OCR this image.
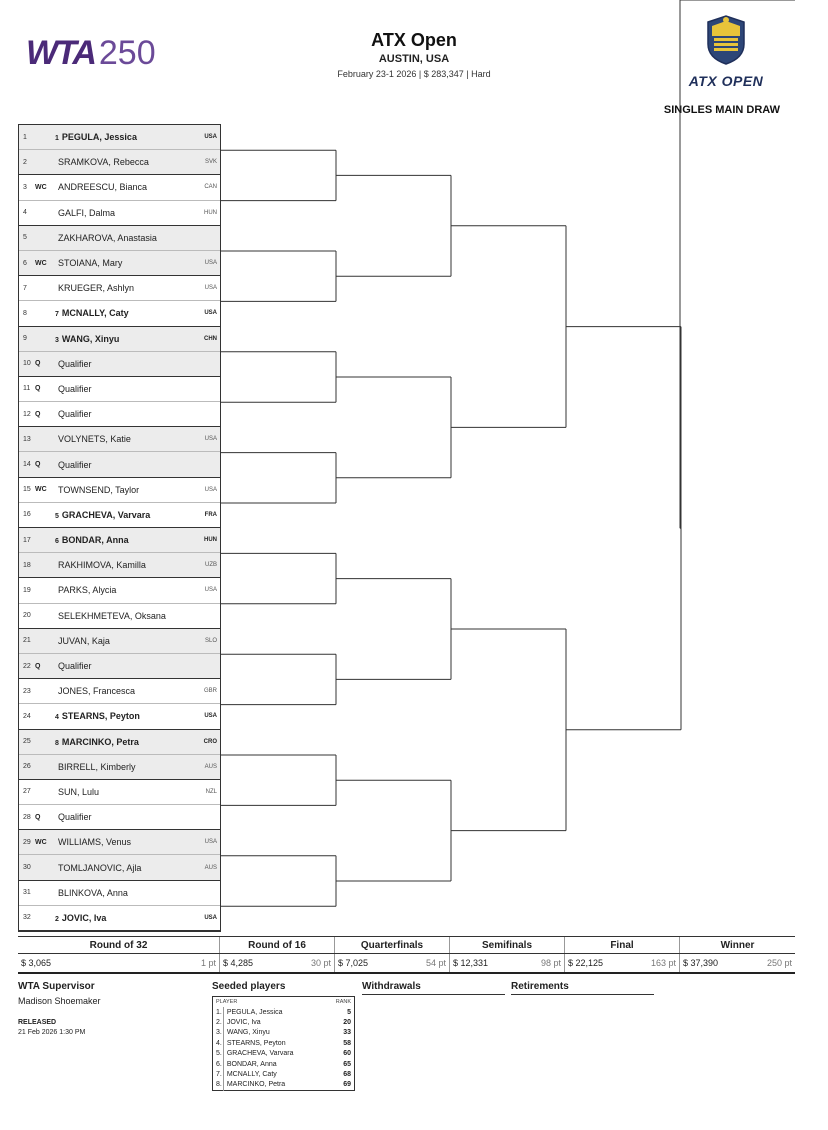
WTA 250	ATX Open
AUSTIN, USA
February 23-1 2026 | $ 283,347 | Hard	ATX OPEN
SINGLES MAIN DRAW
1	1 PEGULA, Jessica	USA
2	SRAMKOVA, Rebecca	SVK
3	WC	ANDREESCU, Bianca	CAN
4	GALFI, Dalma	HUN
5	ZAKHAROVA, Anastasia
6	WC	STOIANA, Mary	USA
7	KRUEGER, Ashlyn	USA
8	7 MCNALLY, Caty	USA
9	3 WANG, Xinyu	CHN
10 Q	Qualifier
11 Q	Qualifier
12 Q	Qualifier
13	VOLYNETS, Katie	USA
14 Q	Qualifier
15 WC	TOWNSEND, Taylor	USA
16	5 GRACHEVA, Varvara	FRA
17	6 BONDAR, Anna	HUN
18	RAKHIMOVA, Kamilla	UZB
19	PARKS, Alycia	USA
20	SELEKHMETEVA, Oksana
21	JUVAN, Kaja	SLO
22 Q	Qualifier
23	JONES, Francesca	GBR
24	4 STEARNS, Peyton	USA
25	8 MARCINKO, Petra	CRO
26	BIRRELL, Kimberly	AUS
27	SUN, Lulu	NZL
28 Q	Qualifier
29 WC	WILLIAMS, Venus	USA
30	TOMLJANOVIC, Ajla	AUS
31	BLINKOVA, Anna
32	2 JOVIC, Iva	USA
Round of 32	Round of 16	Quarterfinals	Semifinals	Final	Winner
$ 3,065	1 pt $ 4,285	30 pt $ 7,025	54 pt $ 12,331	98 pt $ 22,125	163 pt $ 37,390	250 pt
WTA Supervisor
Madison Shoemaker
RELEASED
21 Feb 2026 1:30 PM
Seeded players
PLAYER		RANK
1.	PEGULA, Jessica	5
2.	JOVIC, Iva	20
3.	WANG, Xinyu	33
4.	STEARNS, Peyton	58
5.	GRACHEVA, Varvara	60
6.	BONDAR, Anna	65
7.	MCNALLY, Caty	68
8.	MARCINKO, Petra	69
Withdrawals	Retirements
